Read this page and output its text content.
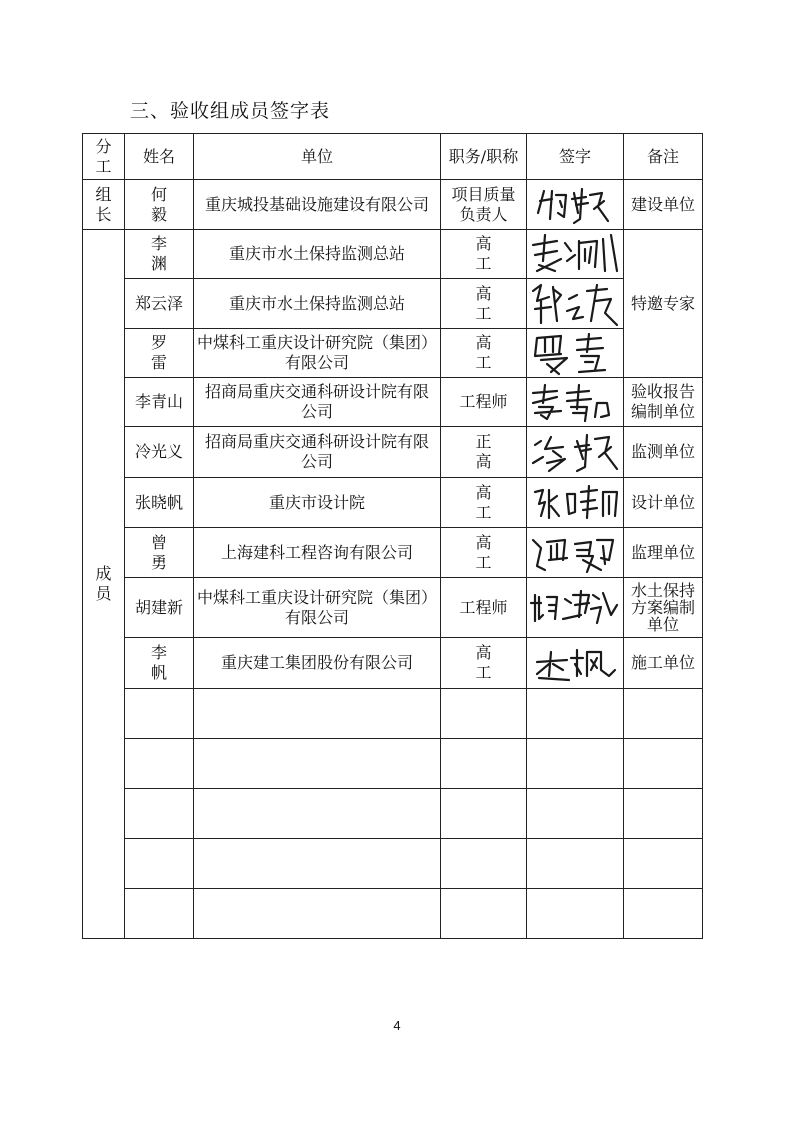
三、验收组成员签字表
分工	姓名	单位	职务/职称	签字	备注
组长	何 毅	重庆城投基础设施建设有限公司	项目质量负责人		建设单位
成员	李 渊	重庆市水土保持监测总站	高 工		特邀专家
	郑云泽	重庆市水土保持监测总站	高 工	

	罗 雷	中煤科工重庆设计研究院（集团）有限公司	高 工	

	李青山	招商局重庆交通科研设计院有限公司	工程师		验收报告编制单位
	冷光义	招商局重庆交通科研设计院有限公司	正 高		监测单位
	张晓帆	重庆市设计院	高 工		设计单位
	曾 勇	上海建科工程咨询有限公司	高 工		监理单位
	胡建新	中煤科工重庆设计研究院（集团）有限公司	工程师		水土保持方案编制单位
	李 帆	重庆建工集团股份有限公司	高 工		施工单位

4
